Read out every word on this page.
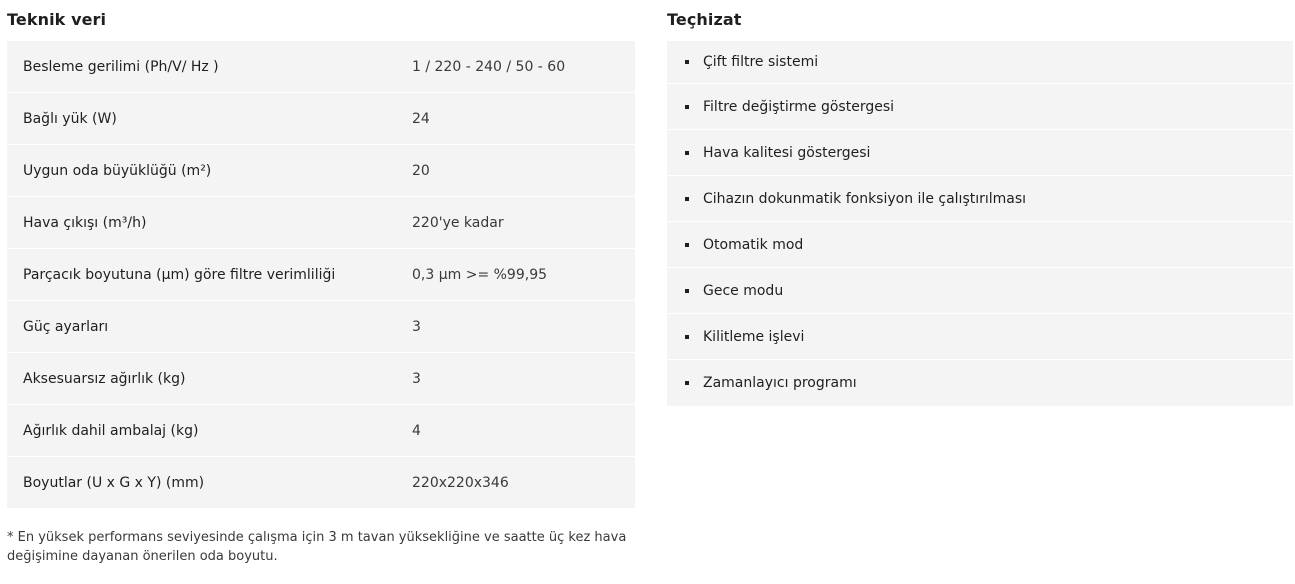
Teknik veri
Besleme gerilimi (Ph/V/ Hz )	1 / 220 - 240 / 50 - 60
Bağlı yük (W)	24
Uygun oda büyüklüğü (m²)	20
Hava çıkışı (m³/h)	220'ye kadar
Parçacık boyutuna (µm) göre filtre verimliliği	0,3 µm >= %99,95
Güç ayarları	3
Aksesuarsız ağırlık (kg)	3
Ağırlık dahil ambalaj (kg)	4
Boyutlar (U x G x Y) (mm)	220x220x346
* En yüksek performans seviyesinde çalışma için 3 m tavan yüksekliğine ve saatte üç kez hava değişimine dayanan önerilen oda boyutu.
Teçhizat
Çift filtre sistemi
Filtre değiştirme göstergesi
Hava kalitesi göstergesi
Cihazın dokunmatik fonksiyon ile çalıştırılması
Otomatik mod
Gece modu
Kilitleme işlevi
Zamanlayıcı programı
